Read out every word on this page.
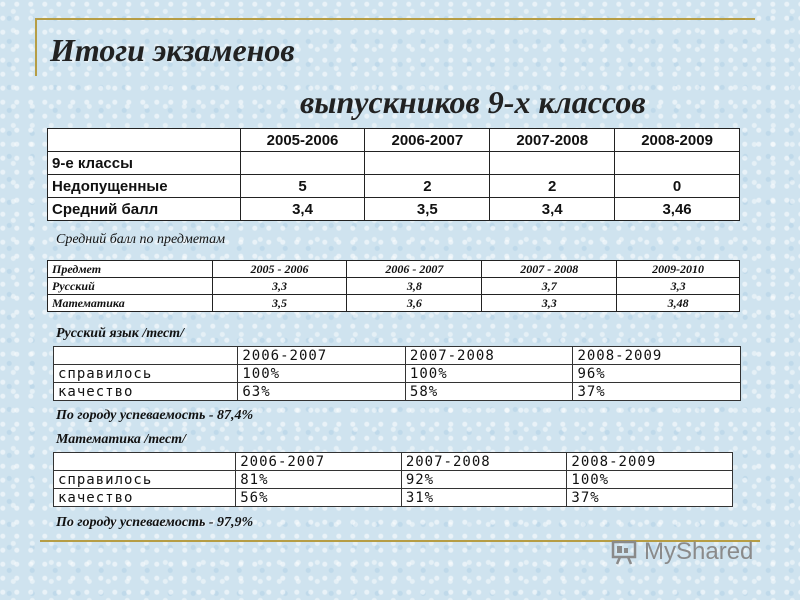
Итоги экзаменов
выпускников 9-х классов
	2005-2006	2006-2007	2007-2008	2008-2009
9-е классы				
Недопущенные	5	2	2	0
Средний балл	3,4	3,5	3,4	3,46

Средний балл по предметам

Предмет	2005 - 2006	2006 - 2007	2007 - 2008	2009-2010
Русский	3,3	3,8	3,7	3,3
Математика	3,5	3,6	3,3	3,48

Русский язык /тест/

	2006-2007	2007-2008	2008-2009
справилось	100%	100%	96%
качество	63%	58%	37%

По городу успеваемость - 87,4%

Математика /тест/

	2006-2007	2007-2008	2008-2009
справилось	81%	92%	100%
качество	56%	31%	37%

По городу успеваемость - 97,9%

MyShared
